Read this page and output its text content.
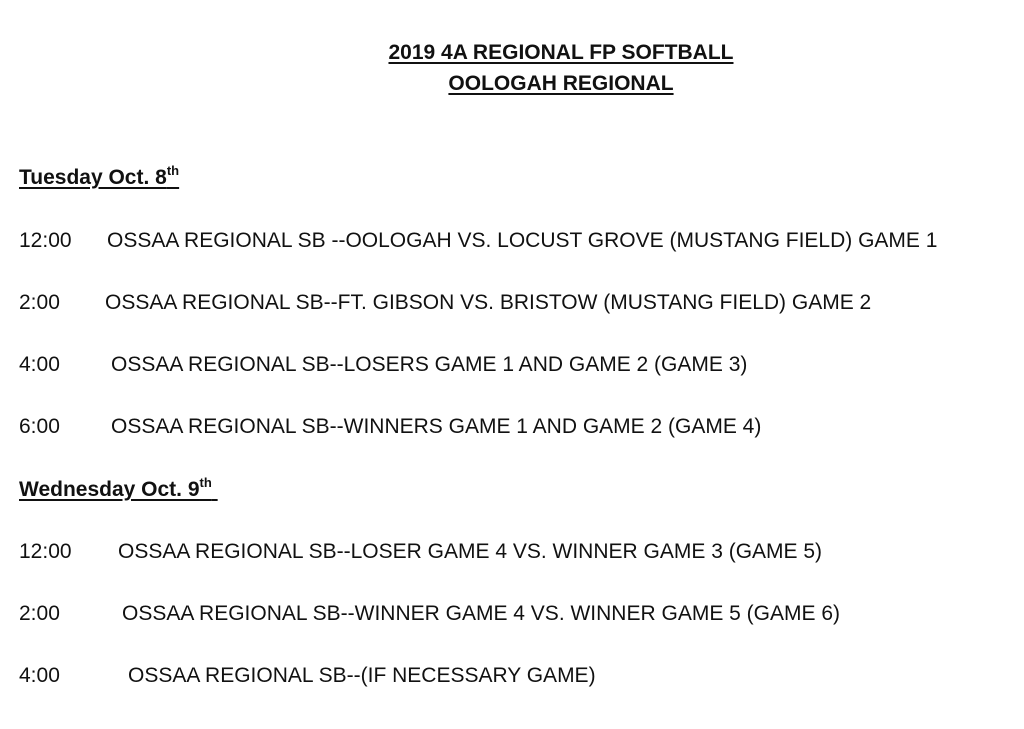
2019 4A REGIONAL FP SOFTBALL
OOLOGAH REGIONAL
Tuesday Oct. 8th
12:00 OSSAA REGIONAL SB --OOLOGAH VS. LOCUST GROVE (MUSTANG FIELD) GAME 1
2:00 OSSAA REGIONAL SB--FT. GIBSON VS. BRISTOW (MUSTANG FIELD) GAME 2
4:00 OSSAA REGIONAL SB--LOSERS GAME 1 AND GAME 2 (GAME 3)
6:00 OSSAA REGIONAL SB--WINNERS GAME 1 AND GAME 2 (GAME 4)
Wednesday Oct. 9th
12:00 OSSAA REGIONAL SB--LOSER GAME 4 VS. WINNER GAME 3 (GAME 5)
2:00	OSSAA REGIONAL SB--WINNER GAME 4 VS. WINNER GAME 5 (GAME 6)
4:00	OSSAA REGIONAL SB--(IF NECESSARY GAME)
